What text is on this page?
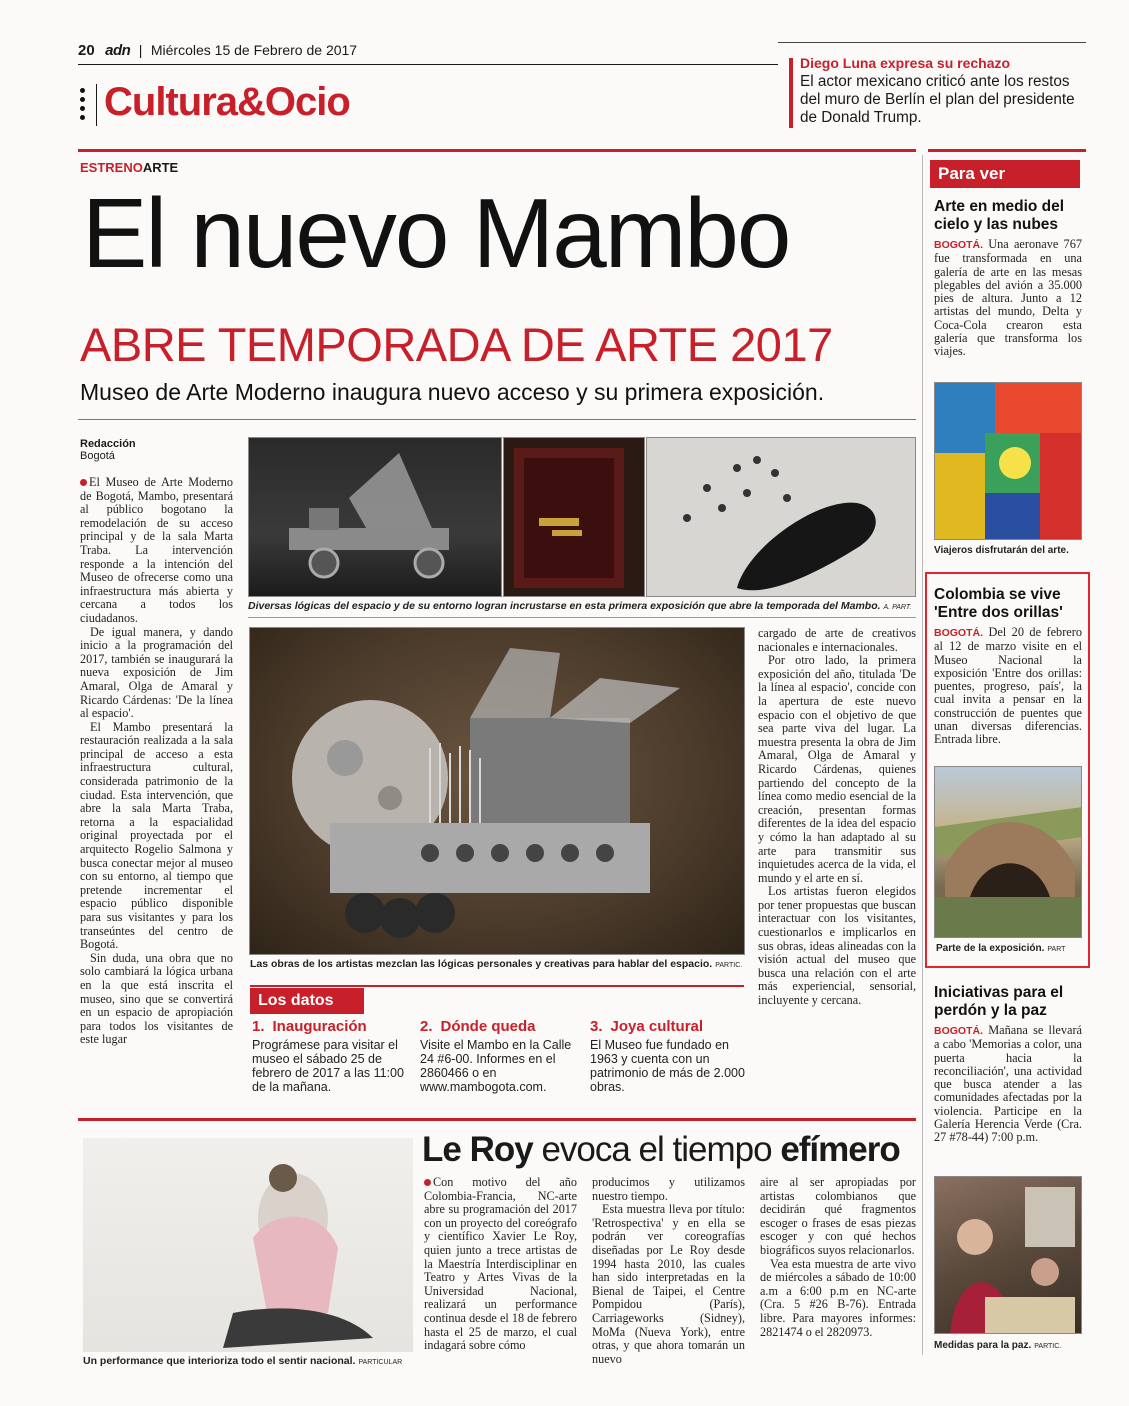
20 adn | Miércoles 15 de Febrero de 2017
Cultura&Ocio
Diego Luna expresa su rechazo
El actor mexicano criticó ante los restos del muro de Berlín el plan del presidente de Donald Trump.
ESTRENOARTE
El nuevo Mambo
ABRE TEMPORADA DE ARTE 2017
Museo de Arte Moderno inaugura nuevo acceso y su primera exposición.
Redacción
Bogotá

El Museo de Arte Moderno de Bogotá, Mambo, presentará al público bogotano la remodelación de su acceso principal y de la sala Marta Traba. La intervención responde a la intención del Museo de ofrecerse como una infraestructura más abierta y cercana a todos los ciudadanos.

De igual manera, y dando inicio a la programación del 2017, también se inaugurará la nueva exposición de Jim Amaral, Olga de Amaral y Ricardo Cárdenas: 'De la línea al espacio'.

El Mambo presentará la restauración realizada a la sala principal de acceso a esta infraestructura cultural, considerada patrimonio de la ciudad. Esta intervención, que abre la sala Marta Traba, retorna a la espacialidad original proyectada por el arquitecto Rogelio Salmona y busca conectar mejor al museo con su entorno, al tiempo que pretende incrementar el espacio público disponible para sus visitantes y para los transeúntes del centro de Bogotá.

Sin duda, una obra que no solo cambiará la lógica urbana en la que está inscrita el museo, sino que se convertirá en un espacio de apropiación para todos los visitantes de este lugar

Diversas lógicas del espacio y de su entorno logran incrustarse en esta primera exposición que abre la temporada del Mambo. A. PART.
Las obras de los artistas mezclan las lógicas personales y creativas para hablar del espacio. PARTIC.

cargado de arte de creativos nacionales e internacionales.

Por otro lado, la primera exposición del año, titulada 'De la línea al espacio', concide con la apertura de este nuevo espacio con el objetivo de que sea parte viva del lugar. La muestra presenta la obra de Jim Amaral, Olga de Amaral y Ricardo Cárdenas, quienes partiendo del concepto de la línea como medio esencial de la creación, presentan formas diferentes de la idea del espacio y cómo la han adaptado al su arte para transmitir sus inquietudes acerca de la vida, el mundo y el arte en sí.

Los artistas fueron elegidos por tener propuestas que buscan interactuar con los visitantes, cuestionarlos e implicarlos en sus obras, ideas alineadas con la visión actual del museo que busca una relación con el arte más experiencial, sensorial, incluyente y cercana.

Los datos
1. Inauguración
Prográmese para visitar el museo el sábado 25 de febrero de 2017 a las 11:00 de la mañana.
2. Dónde queda
Visite el Mambo en la Calle 24 #6-00. Informes en el 2860466 o en www.mambogota.com.
3. Joya cultural
El Museo fue fundado en 1963 y cuenta con un patrimonio de más de 2.000 obras.
Un performance que interioriza todo el sentir nacional. PARTICULAR
Le Roy evoca el tiempo efímero

Con motivo del año Colombia-Francia, NC-arte abre su programación del 2017 con un proyecto del coreógrafo y científico Xavier Le Roy, quien junto a trece artistas de la Maestría Interdisciplinar en Teatro y Artes Vivas de la Universidad Nacional, realizará un performance continua desde el 18 de febrero hasta el 25 de marzo, el cual indagará sobre cómo

producimos y utilizamos nuestro tiempo.

Esta muestra lleva por título: 'Retrospectiva' y en ella se podrán ver coreografías diseñadas por Le Roy desde 1994 hasta 2010, las cuales han sido interpretadas en la Bienal de Taipei, el Centre Pompidou (París), Carriageworks (Sidney), MoMa (Nueva York), entre otras, y que ahora tomarán un nuevo

aire al ser apropiadas por artistas colombianos que decidirán qué fragmentos escoger o frases de esas piezas escoger y con qué hechos biográficos suyos relacionarlos.

Vea esta muestra de arte vivo de miércoles a sábado de 10:00 a.m a 6:00 p.m en NC-arte (Cra. 5 #26 B-76). Entrada libre. Para mayores informes: 2821474 o el 2820973.

Para ver
Arte en medio del cielo y las nubes
BOGOTÁ. Una aeronave 767 fue transformada en una galería de arte en las mesas plegables del avión a 35.000 pies de altura. Junto a 12 artistas del mundo, Delta y Coca-Cola crearon esta galería que transforma los viajes.
Viajeros disfrutarán del arte.
Colombia se vive 'Entre dos orillas'
BOGOTÁ. Del 20 de febrero al 12 de marzo visite en el Museo Nacional la exposición 'Entre dos orillas: puentes, progreso, país', la cual invita a pensar en la construcción de puentes que unan diversas diferencias. Entrada libre.
Parte de la exposición. PART
Iniciativas para el perdón y la paz
BOGOTÁ. Mañana se llevará a cabo 'Memorias a color, una puerta hacia la reconciliación', una actividad que busca atender a las comunidades afectadas por la violencia. Participe en la Galería Herencia Verde (Cra. 27 #78-44) 7:00 p.m.
Medidas para la paz. PARTIC.
